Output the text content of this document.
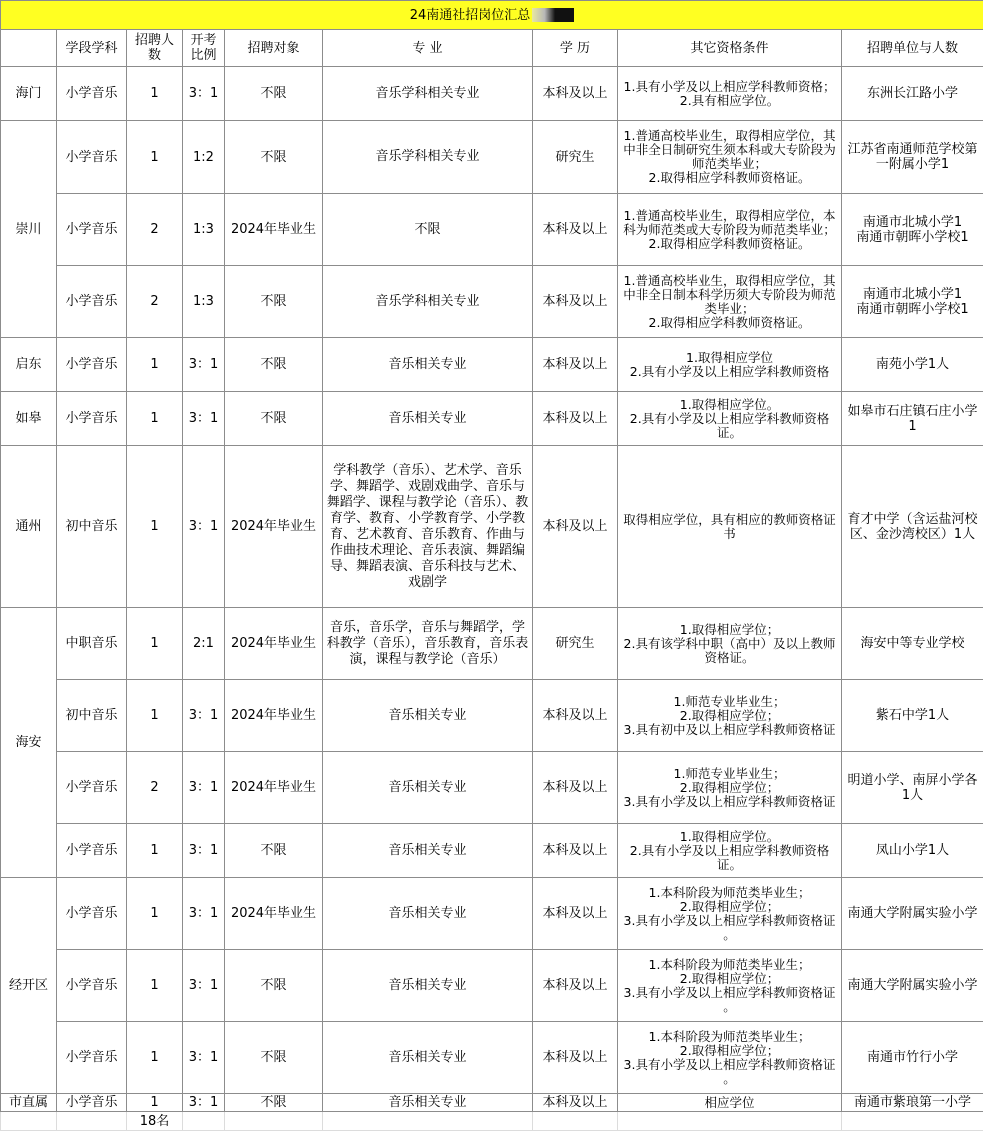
24南通社招岗位汇总								
	学段学科	招聘人数	开考比例	招聘对象	专 业	学 历	其它资格条件	招聘单位与人数
海门	小学音乐	1	3：1	不限	音乐学科相关专业	本科及以上	1.具有小学及以上相应学科教师资格；
2.具有相应学位。	东洲长江路小学
崇川	小学音乐	1	1:2	不限	音乐学科相关专业	研究生	1.普通高校毕业生，取得相应学位，其中非全日制研究生须本科或大专阶段为师范类毕业；
2.取得相应学科教师资格证。	江苏省南通师范学校第一附属小学1
	小学音乐	2	1:3	2024年毕业生	不限	本科及以上	1.普通高校毕业生，取得相应学位，本科为师范类或大专阶段为师范类毕业；
2.取得相应学科教师资格证。	南通市北城小学1
南通市朝晖小学校1
	小学音乐	2	1:3	不限	音乐学科相关专业	本科及以上	1.普通高校毕业生，取得相应学位，其中非全日制本科学历须大专阶段为师范类毕业；
2.取得相应学科教师资格证。	南通市北城小学1
南通市朝晖小学校1
启东	小学音乐	1	3：1	不限	音乐相关专业	本科及以上	1.取得相应学位
2.具有小学及以上相应学科教师资格	南苑小学1人
如皋	小学音乐	1	3：1	不限	音乐相关专业	本科及以上	1.取得相应学位。
2.具有小学及以上相应学科教师资格证。	如皋市石庄镇石庄小学1
通州	初中音乐	1	3：1	2024年毕业生	学科教学（音乐）、艺术学、音乐学、舞蹈学、戏剧戏曲学、音乐与舞蹈学、课程与教学论（音乐）、教育学、教育、小学教育学、小学教育、艺术教育、音乐教育、作曲与作曲技术理论、音乐表演、舞蹈编导、舞蹈表演、音乐科技与艺术、戏剧学	本科及以上	取得相应学位，具有相应的教师资格证书	育才中学（含运盐河校区、金沙湾校区）1人
海安	中职音乐	1	2:1	2024年毕业生	音乐，音乐学，音乐与舞蹈学，学科教学（音乐），音乐教育，音乐表演，课程与教学论（音乐）	研究生	1.取得相应学位；
2.具有该学科中职（高中）及以上教师资格证。	海安中等专业学校
	初中音乐	1	3：1	2024年毕业生	音乐相关专业	本科及以上	1.师范专业毕业生；
2.取得相应学位；
3.具有初中及以上相应学科教师资格证	紫石中学1人
	小学音乐	2	3：1	2024年毕业生	音乐相关专业	本科及以上	1.师范专业毕业生；
2.取得相应学位；
3.具有小学及以上相应学科教师资格证	明道小学、南屏小学各1人
	小学音乐	1	3：1	不限	音乐相关专业	本科及以上	1.取得相应学位。
2.具有小学及以上相应学科教师资格证。	凤山小学1人
经开区	小学音乐	1	3：1	2024年毕业生	音乐相关专业	本科及以上	1.本科阶段为师范类毕业生；
2.取得相应学位；
3.具有小学及以上相应学科教师资格证 。	南通大学附属实验小学
	小学音乐	1	3：1	不限	音乐相关专业	本科及以上	1.本科阶段为师范类毕业生；
2.取得相应学位；
3.具有小学及以上相应学科教师资格证 。	南通大学附属实验小学
	小学音乐	1	3：1	不限	音乐相关专业	本科及以上	1.本科阶段为师范类毕业生；
2.取得相应学位；
3.具有小学及以上相应学科教师资格证 。	南通市竹行小学
市直属	小学音乐	1	3：1	不限	音乐相关专业	本科及以上	相应学位	南通市紫琅第一小学
		18名						
